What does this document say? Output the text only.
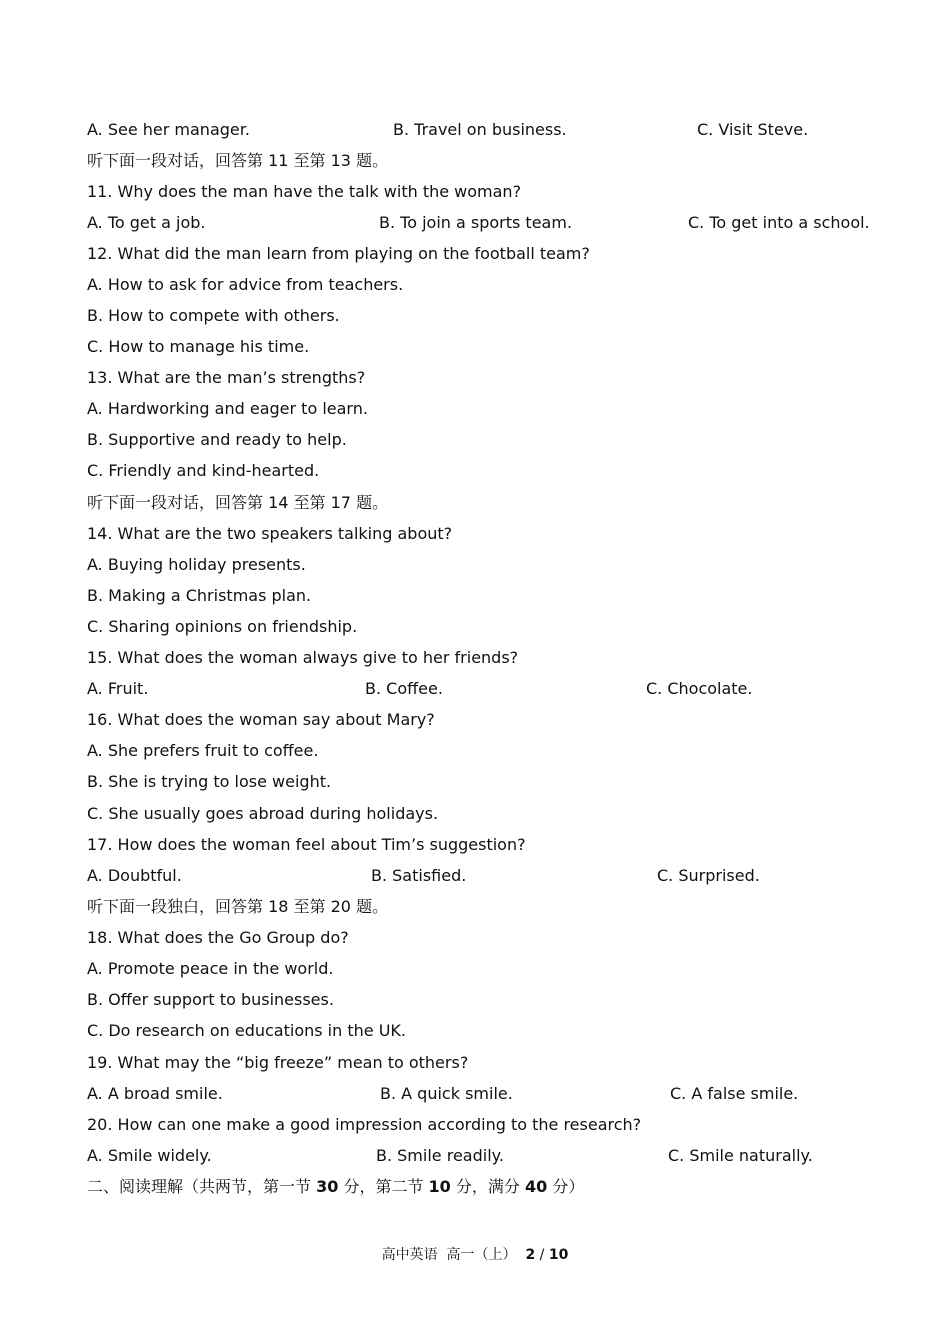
A. See her manager.	B. Travel on business.	C. Visit Steve.
听下面一段对话，回答第 11 至第 13 题。
11. Why does the man have the talk with the woman?
A. To get a job.	B. To join a sports team.	C. To get into a school.
12. What did the man learn from playing on the football team?
A. How to ask for advice from teachers.
B. How to compete with others.
C. How to manage his time.
13. What are the man’s strengths?
A. Hardworking and eager to learn.
B. Supportive and ready to help.
C. Friendly and kind-hearted.
听下面一段对话，回答第 14 至第 17 题。
14. What are the two speakers talking about?
A. Buying holiday presents.
B. Making a Christmas plan.
C. Sharing opinions on friendship.
15. What does the woman always give to her friends?
A. Fruit.	B. Coffee.	C. Chocolate.
16. What does the woman say about Mary?
A. She prefers fruit to coffee.
B. She is trying to lose weight.
C. She usually goes abroad during holidays.
17. How does the woman feel about Tim’s suggestion?
A. Doubtful.	B. Satisfied.	C. Surprised.
听下面一段独白，回答第 18 至第 20 题。
18. What does the Go Group do?
A. Promote peace in the world.
B. Offer support to businesses.
C. Do research on educations in the UK.
19. What may the “big freeze” mean to others?
A. A broad smile.	B. A quick smile.	C. A false smile.
20. How can one make a good impression according to the research?
A. Smile widely.	B. Smile readily.	C. Smile naturally.
二、阅读理解（共两节，第一节 30 分，第二节 10 分，满分 40 分）
高中英语  高一（上）  2 / 10
